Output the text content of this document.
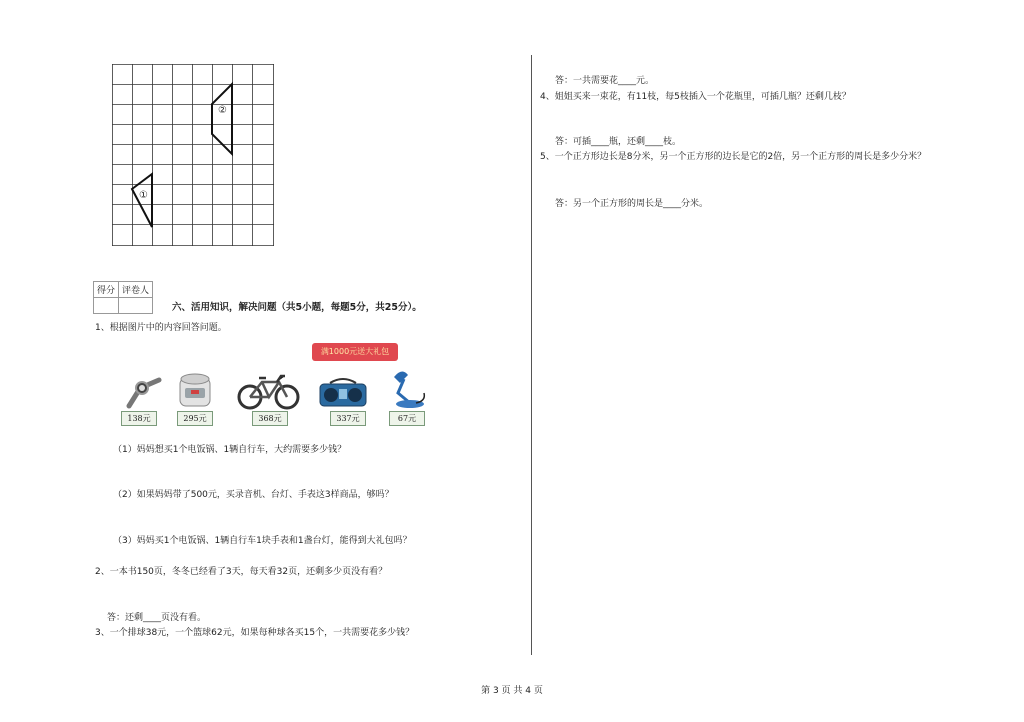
②
①
得分	评卷人

六、活用知识，解决问题（共5小题，每题5分，共25分）。
1、根据图片中的内容回答问题。
满1000元送大礼包
138元	295元	368元	337元	67元
（1）妈妈想买1个电饭锅、1辆自行车，大约需要多少钱？
（2）如果妈妈带了500元，买录音机、台灯、手表这3样商品，够吗？
（3）妈妈买1个电饭锅、1辆自行车1块手表和1盏台灯，能得到大礼包吗？
2、一本书150页，冬冬已经看了3天，每天看32页，还剩多少页没有看？
答：还剩____页没有看。
3、一个排球38元，一个篮球62元，如果每种球各买15个，一共需要花多少钱？
答：一共需要花____元。
4、姐姐买来一束花，有11枝，每5枝插入一个花瓶里，可插几瓶？还剩几枝？
答：可插____瓶，还剩____枝。
5、一个正方形边长是8分米，另一个正方形的边长是它的2倍，另一个正方形的周长是多少分米？
答：另一个正方形的周长是____分米。
第 3 页 共 4 页
